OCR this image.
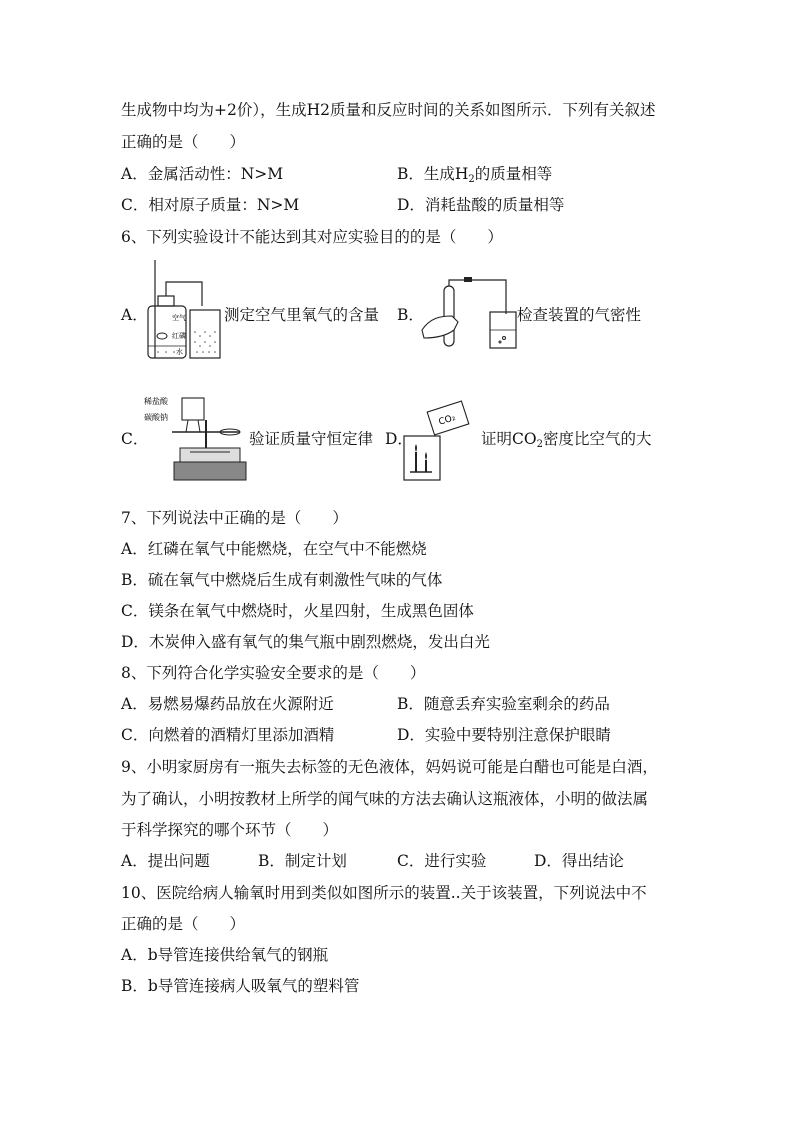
生成物中均为+2价），生成H2质量和反应时间的关系如图所示．下列有关叙述
正确的是（　　）
A．金属活动性：N>M	B．生成$H_2$的质量相等
C．相对原子质量：N>M	D．消耗盐酸的质量相等
6、下列实验设计不能达到其对应实验目的的是（　　）
A．	空气
红磷
水
测定空气里氧气的含量 B．	检查装置的气密性
C．
稀盐酸
碳酸钠
验证质量守恒定律 D．
CO₂
证明$CO_2$密度比空气的大
7、下列说法中正确的是（　　）
A．红磷在氧气中能燃烧，在空气中不能燃烧
B．硫在氧气中燃烧后生成有刺激性气味的气体
C．镁条在氧气中燃烧时，火星四射，生成黑色固体
D．木炭伸入盛有氧气的集气瓶中剧烈燃烧，发出白光
8、下列符合化学实验安全要求的是（　　）
A．易燃易爆药品放在火源附近	B．随意丢弃实验室剩余的药品
C．向燃着的酒精灯里添加酒精	D．实验中要特别注意保护眼睛
9、小明家厨房有一瓶失去标签的无色液体，妈妈说可能是白醋也可能是白酒，
为了确认，小明按教材上所学的闻气味的方法去确认这瓶液体，小明的做法属
于科学探究的哪个环节（　　）
A．提出问题	B．制定计划	C．进行实验	D．得出结论
10、医院给病人输氧时用到类似如图所示的装置..关于该装置，下列说法中不
正确的是（　　）
A．b导管连接供给氧气的钢瓶
B．b导管连接病人吸氧气的塑料管
